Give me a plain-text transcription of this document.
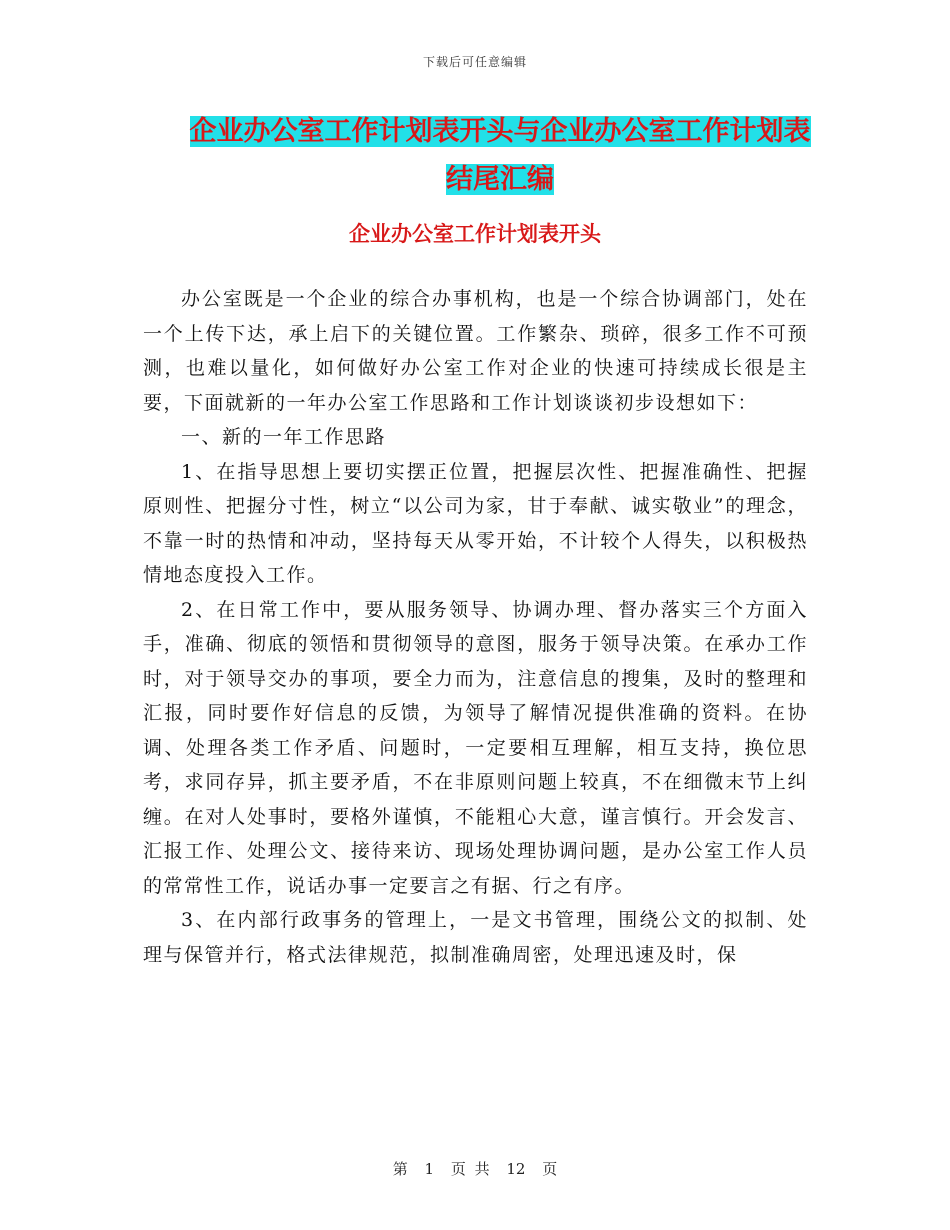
下载后可任意编辑
企业办公室工作计划表开头与企业办公室工作计划表
结尾汇编
企业办公室工作计划表开头

办公室既是一个企业的综合办事机构，也是一个综合协调部门，处在一个上传下达，承上启下的关键位置。工作繁杂、琐碎，很多工作不可预测，也难以量化，如何做好办公室工作对企业的快速可持续成长很是主要，下面就新的一年办公室工作思路和工作计划谈谈初步设想如下：

一、新的一年工作思路

1、在指导思想上要切实摆正位置，把握层次性、把握准确性、把握原则性、把握分寸性，树立“以公司为家，甘于奉献、诚实敬业”的理念，不靠一时的热情和冲动，坚持每天从零开始，不计较个人得失，以积极热情地态度投入工作。

2、在日常工作中，要从服务领导、协调办理、督办落实三个方面入手，准确、彻底的领悟和贯彻领导的意图，服务于领导决策。在承办工作时，对于领导交办的事项，要全力而为，注意信息的搜集，及时的整理和汇报，同时要作好信息的反馈，为领导了解情况提供准确的资料。在协调、处理各类工作矛盾、问题时，一定要相互理解，相互支持，换位思考，求同存异，抓主要矛盾，不在非原则问题上较真，不在细微末节上纠缠。在对人处事时，要格外谨慎，不能粗心大意，谨言慎行。开会发言、汇报工作、处理公文、接待来访、现场处理协调问题，是办公室工作人员的常常性工作，说话办事一定要言之有据、行之有序。

3、在内部行政事务的管理上，一是文书管理，围绕公文的拟制、处理与保管并行，格式法律规范，拟制准确周密，处理迅速及时，保

第 1 页 共 12 页
